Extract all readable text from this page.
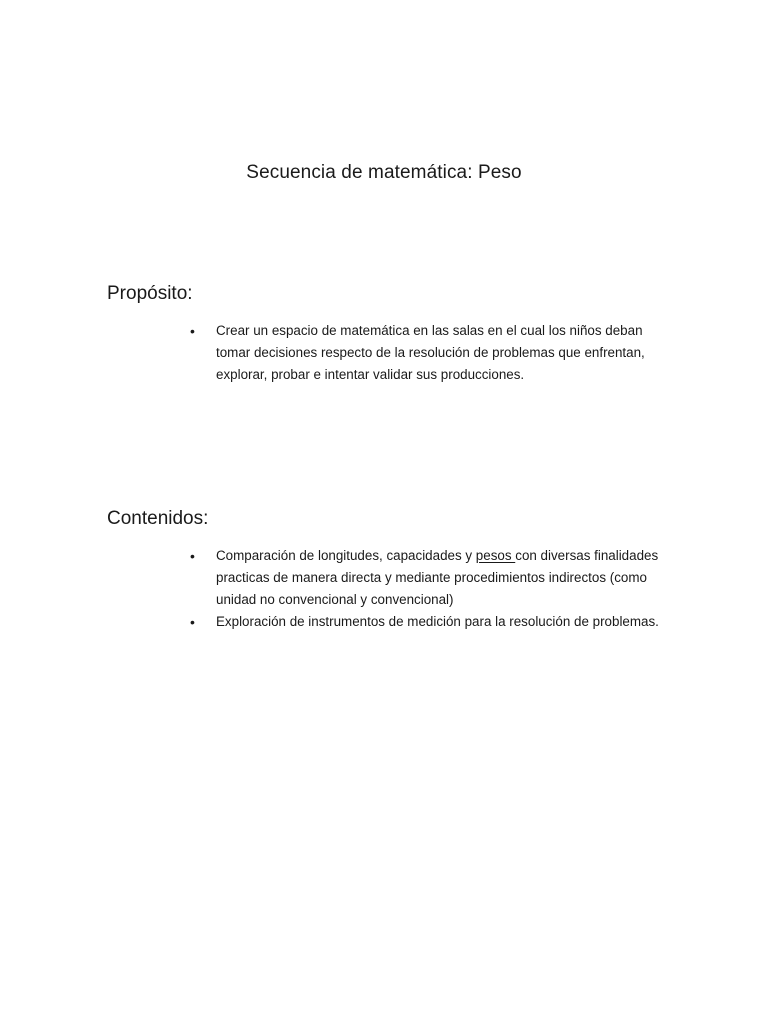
Secuencia de matemática: Peso
Propósito:
•	Crear un espacio de matemática en las salas en el cual los niños deban tomar decisiones respecto de la resolución de problemas que enfrentan, explorar, probar e intentar validar sus producciones.
Contenidos:
•	Comparación de longitudes, capacidades y pesos con diversas finalidades practicas de manera directa y mediante procedimientos indirectos (como unidad no convencional y convencional)
•	Exploración de instrumentos de medición para la resolución de problemas.
